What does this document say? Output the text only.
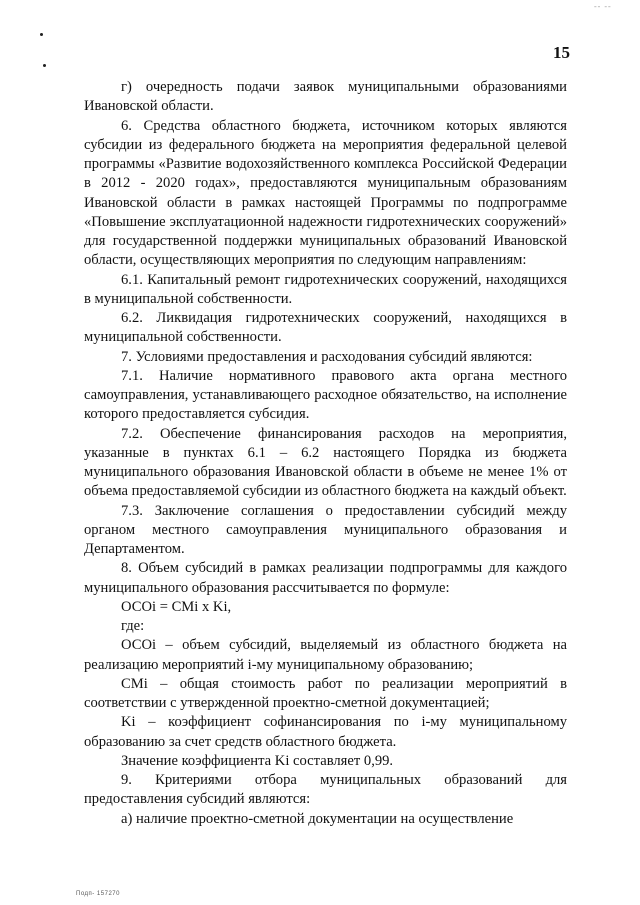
-- --
15

г) очередность подачи заявок муниципальными образованиями Ивановской области.

6. Средства областного бюджета, источником которых являются субсидии из федерального бюджета на мероприятия федеральной целевой программы «Развитие водохозяйственного комплекса Российской Федерации в 2012 - 2020 годах», предоставляются муниципальным образованиям Ивановской области в рамках настоящей Программы по подпрограмме «Повышение эксплуатационной надежности гидротехнических сооружений» для государственной поддержки муниципальных образований Ивановской области, осуществляющих мероприятия по следующим направлениям:

6.1. Капитальный ремонт гидротехнических сооружений, находящихся в муниципальной собственности.

6.2. Ликвидация гидротехнических сооружений, находящихся в муниципальной собственности.

7. Условиями предоставления и расходования субсидий являются:

7.1. Наличие нормативного правового акта органа местного самоуправления, устанавливающего расходное обязательство, на исполнение которого предоставляется субсидия.

7.2. Обеспечение финансирования расходов на мероприятия, указанные в пунктах 6.1 – 6.2 настоящего Порядка из бюджета муниципального образования Ивановской области в объеме не менее 1% от объема предоставляемой субсидии из областного бюджета на каждый объект.

7.3. Заключение соглашения о предоставлении субсидий между органом местного самоуправления муниципального образования и Департаментом.

8. Объем субсидий в рамках реализации подпрограммы для каждого муниципального образования рассчитывается по формуле:

ОСОi = СМi x Ki,

где:

ОСОi – объем субсидий, выделяемый из областного бюджета на реализацию мероприятий i-му муниципальному образованию;

СМi – общая стоимость работ по реализации мероприятий в соответствии с утвержденной проектно-сметной документацией;

Ki – коэффициент софинансирования по i-му муниципальному образованию за счет средств областного бюджета.

Значение коэффициента Ki составляет 0,99.

9. Критериями отбора муниципальных образований для предоставления субсидий являются:

а) наличие проектно-сметной документации на осуществление

Подп- 157270
